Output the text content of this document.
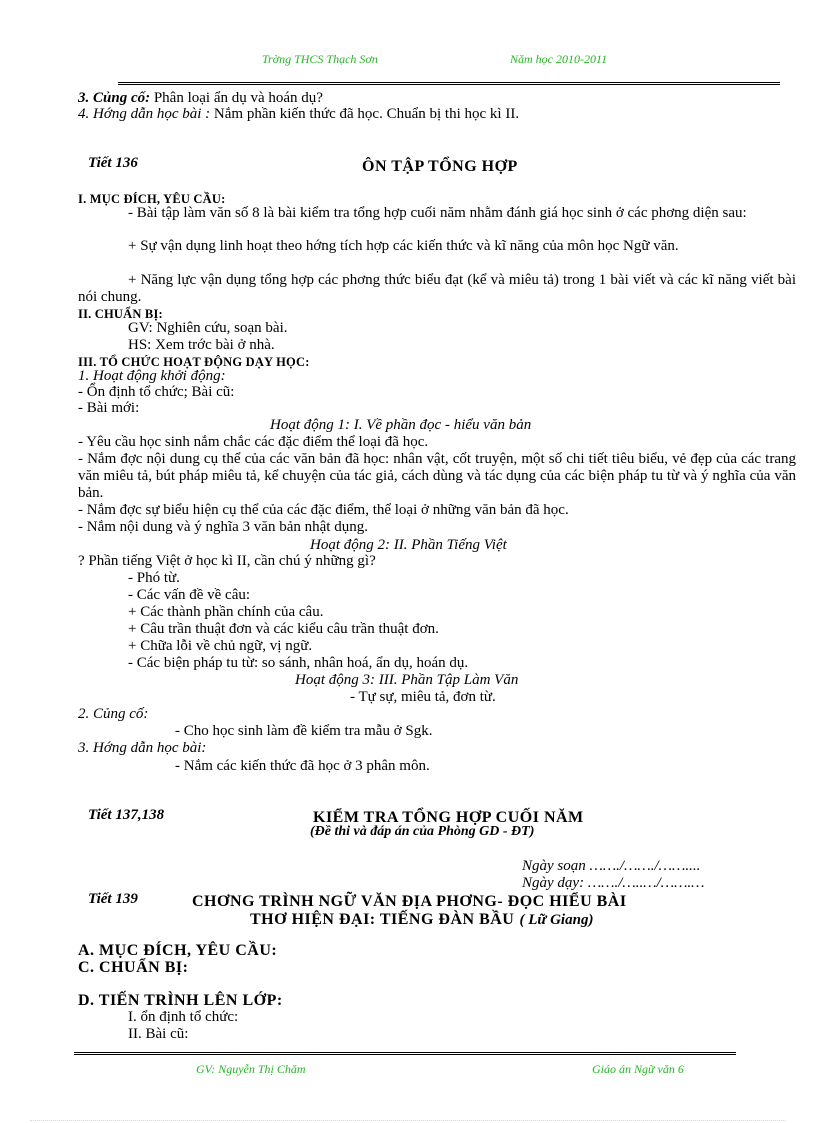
Trờng THCS Thạch Sơn	Năm học 2010-2011
3. Củng cố: Phân loại ẩn dụ và hoán dụ?
4. Hớng dẫn học bài : Nắm phần kiến thức đã học. Chuẩn bị thi học kì II.
Tiết 136	ÔN TẬP TỔNG HỢP
I. MỤC ĐÍCH, YÊU CẦU:
- Bài tập làm văn số 8 là bài kiểm tra tổng hợp cuối năm nhằm đánh giá học sinh ở các phơng diện sau:
+ Sự vận dụng linh hoạt theo hớng tích hợp các kiến thức và kĩ năng của môn học Ngữ văn.
+ Năng lực vận dụng tổng hợp các phơng thức biểu đạt (kể và miêu tả) trong 1 bài viết và các kĩ năng viết bài nói chung.
II. CHUẨN BỊ:
GV: Nghiên cứu, soạn bài.
HS: Xem trớc bài ở nhà.
III. TỔ CHỨC HOẠT ĐỘNG DẠY HỌC:
1. Hoạt động khởi động:
- Ổn định tổ chức; Bài cũ:
- Bài mới:
Hoạt động 1: I. Về phần đọc - hiểu văn bản
- Yêu cầu học sinh nắm chắc các đặc điểm thể loại đã học.
- Nắm đợc nội dung cụ thể của các văn bản đã học: nhân vật, cốt truyện, một số chi tiết tiêu biểu, vẻ đẹp của các trang văn miêu tả, bút pháp miêu tả, kể chuyện của tác giả, cách dùng và tác dụng của các biện pháp tu từ và ý nghĩa của văn bản.
- Nắm đợc sự biểu hiện cụ thể của các đặc điểm, thể loại ở những văn bản đã học.
- Nắm nội dung và ý nghĩa 3 văn bản nhật dụng.
Hoạt động 2: II. Phần Tiếng Việt
? Phần tiếng Việt ở học kì II, cần chú ý những gì?
- Phó từ.
- Các vấn đề về câu:
+ Các thành phần chính của câu.
+ Câu trần thuật đơn và các kiểu câu trần thuật đơn.
+ Chữa lỗi về chủ ngữ, vị ngữ.
- Các biện pháp tu từ: so sánh, nhân hoá, ẩn dụ, hoán dụ.
Hoạt động 3: III. Phần Tập Làm Văn
- Tự sự, miêu tả, đơn từ.
2. Củng cố:
- Cho học sinh làm đề kiểm tra mẫu ở Sgk.
3. Hớng dẫn học bài:
- Nắm các kiến thức đã học ở 3 phân môn.
Tiết 137,138	KIỂM TRA TỔNG HỢP CUỐI NĂM
(Đề thi và đáp án của Phòng GD - ĐT)
Ngày soạn ……./……./……....
Ngày dạy: ……./…..…/…….…
Tiết 139	CHƠNG TRÌNH NGỮ VĂN ĐỊA PHƠNG- ĐỌC HIỂU BÀI
THƠ HIỆN ĐẠI: TIẾNG ĐÀN BẦU ( Lữ Giang)
A. MỤC ĐÍCH, YÊU CẦU:
C. CHUẨN BỊ:
D. TIẾN TRÌNH LÊN LỚP:
I. ổn định tổ chức:
II. Bài cũ:
GV: Nguyễn Thị Chăm	Giáo án Ngữ văn 6
